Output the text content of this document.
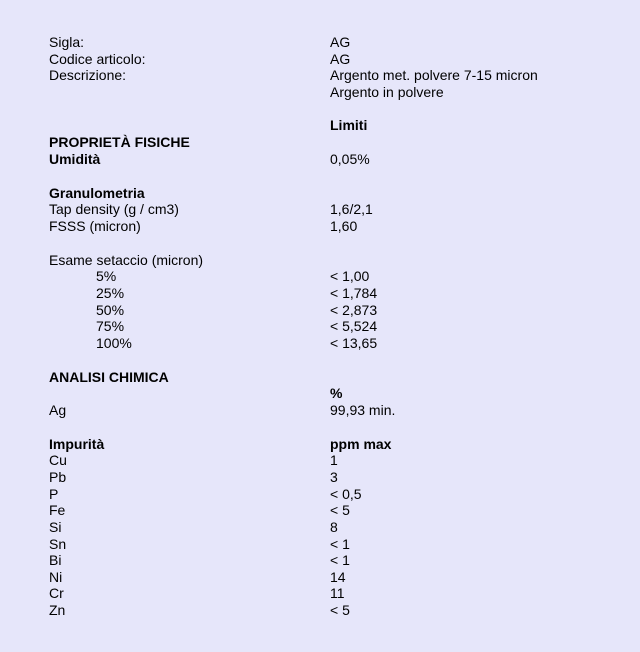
Sigla:	AG
Codice articolo:	AG
Descrizione:	Argento met. polvere 7-15 micron
Argento in polvere
Limiti
PROPRIETÀ FISICHE
Umidità	0,05%
Granulometria
Tap density (g / cm3)	1,6/2,1
FSSS (micron)	1,60
Esame setaccio (micron)
5%	< 1,00
25%	< 1,784
50%	< 2,873
75%	< 5,524
100%	< 13,65
ANALISI CHIMICA
%
Ag	99,93 min.
Impurità	ppm max
Cu	1
Pb	3
P	< 0,5
Fe	< 5
Si	8
Sn	< 1
Bi	< 1
Ni	14
Cr	11
Zn	< 5
